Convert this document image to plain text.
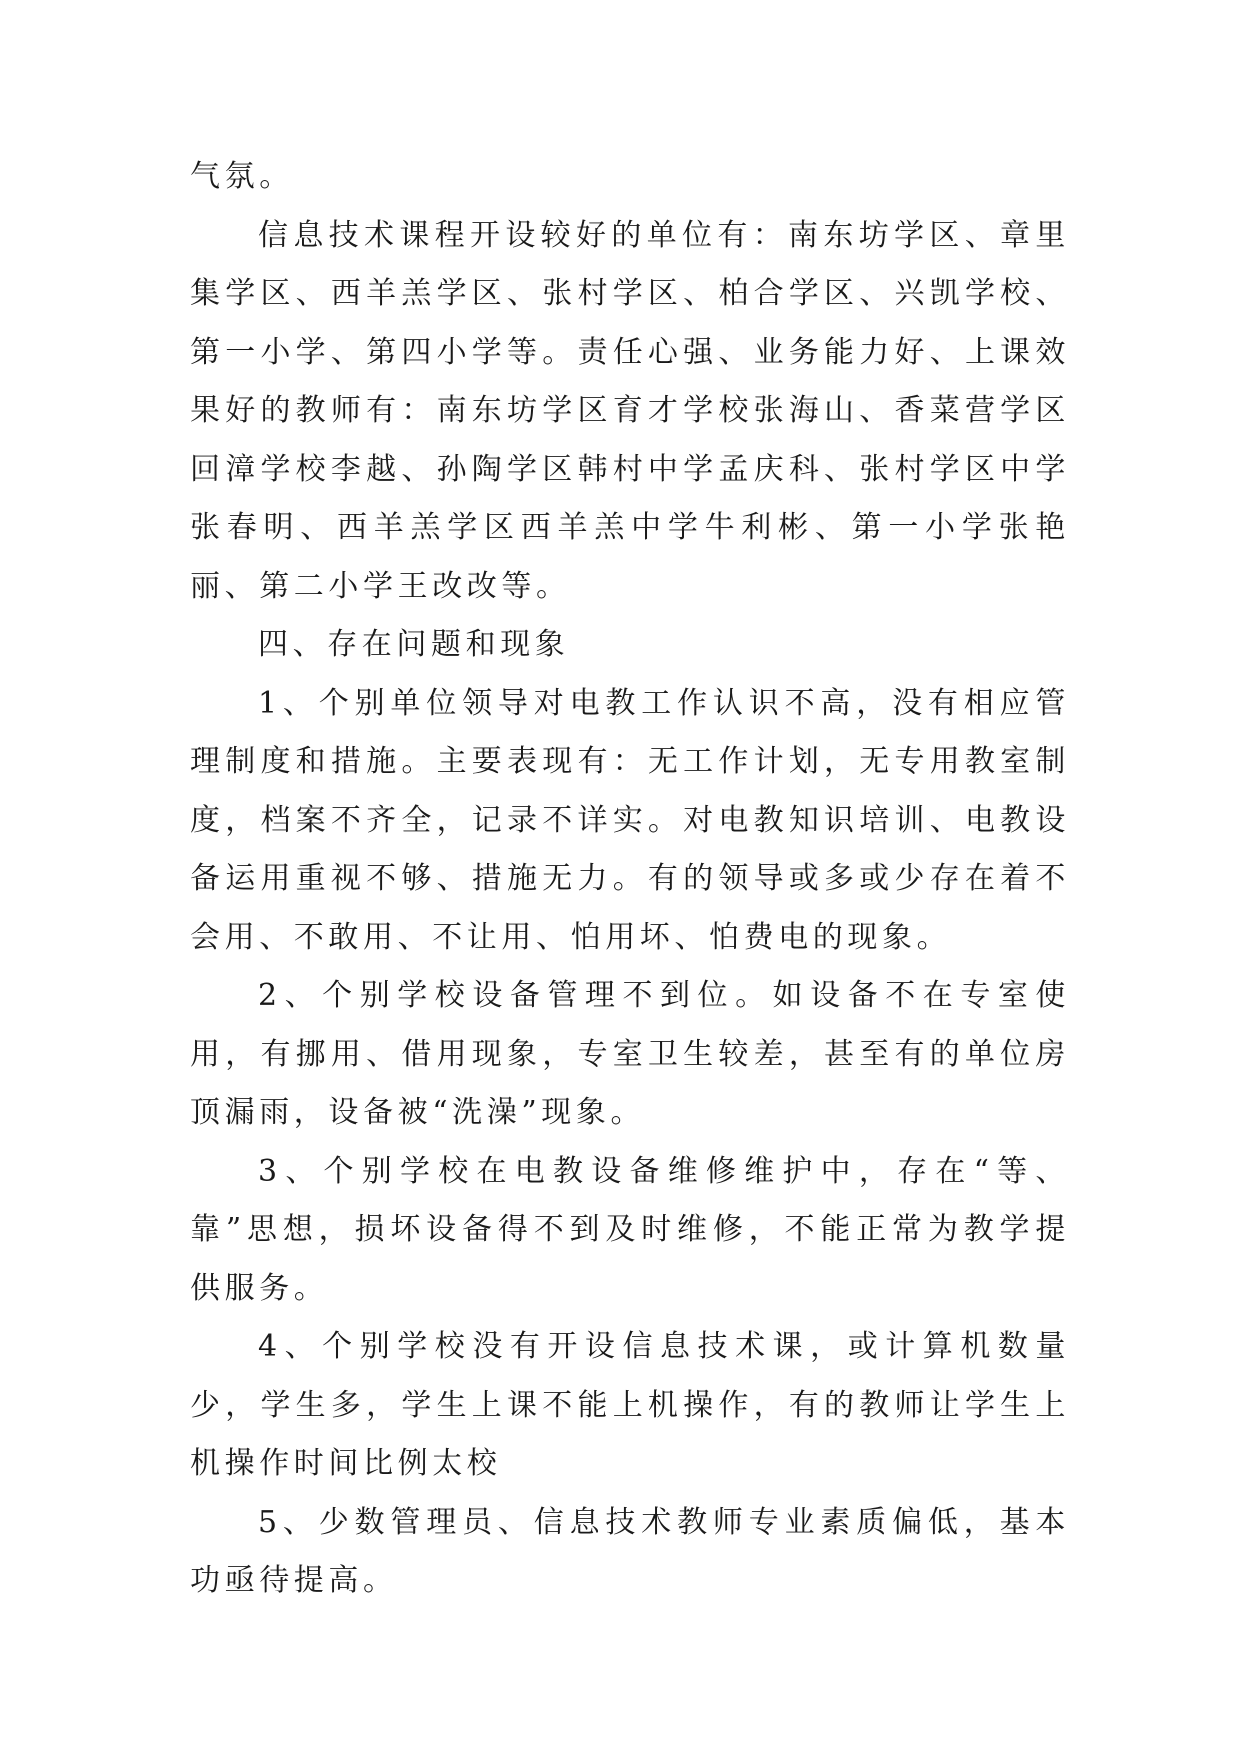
气氛。

信息技术课程开设较好的单位有：南东坊学区、章里集学区、西羊羔学区、张村学区、柏合学区、兴凯学校、第一小学、第四小学等。责任心强、业务能力好、上课效果好的教师有：南东坊学区育才学校张海山、香菜营学区回漳学校李越、孙陶学区韩村中学孟庆科、张村学区中学张春明、西羊羔学区西羊羔中学牛利彬、第一小学张艳丽、第二小学王改改等。

四、存在问题和现象

1、个别单位领导对电教工作认识不高，没有相应管理制度和措施。主要表现有：无工作计划，无专用教室制度，档案不齐全，记录不详实。对电教知识培训、电教设备运用重视不够、措施无力。有的领导或多或少存在着不会用、不敢用、不让用、怕用坏、怕费电的现象。

2、个别学校设备管理不到位。如设备不在专室使用，有挪用、借用现象，专室卫生较差，甚至有的单位房顶漏雨，设备被“洗澡”现象。

3、个别学校在电教设备维修维护中，存在“等、靠”思想，损坏设备得不到及时维修，不能正常为教学提供服务。

4、个别学校没有开设信息技术课，或计算机数量少，学生多，学生上课不能上机操作，有的教师让学生上机操作时间比例太校

5、少数管理员、信息技术教师专业素质偏低，基本功亟待提高。
